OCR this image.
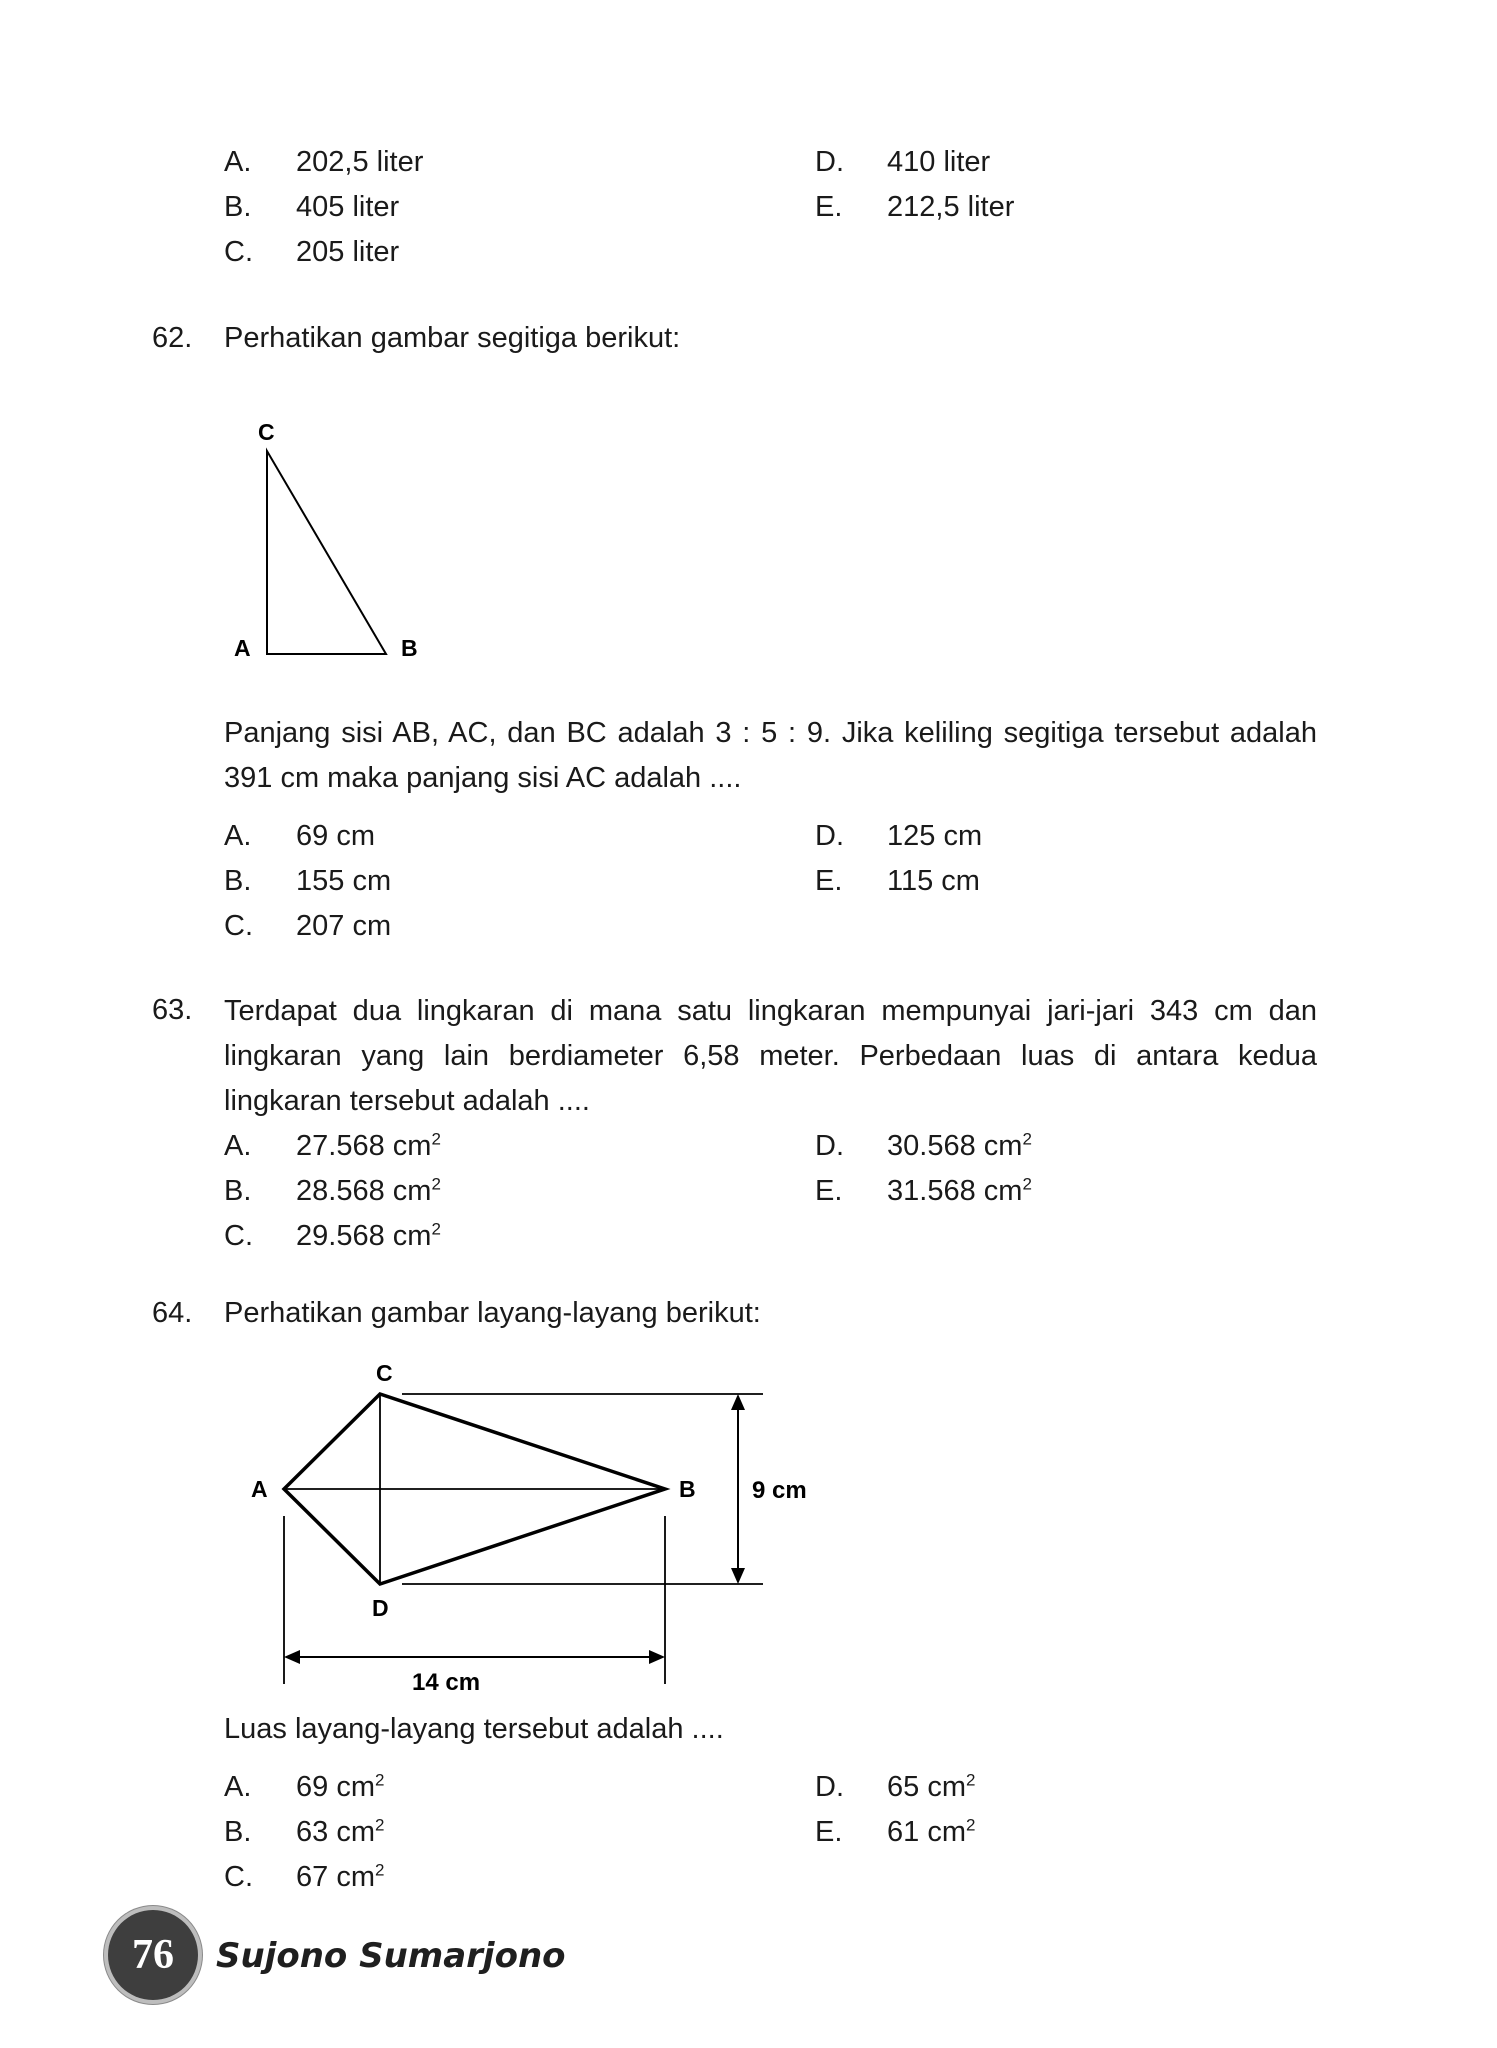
A. 202,5 liter
B. 405 liter
C. 205 liter
D. 410 liter
E. 212,5 liter
62. Perhatikan gambar segitiga berikut:
C
A	B
Panjang sisi AB, AC, dan BC adalah 3 : 5 : 9. Jika keliling segitiga tersebut adalah 391 cm maka panjang sisi AC adalah ....
A. 69 cm
B. 155 cm
C. 207 cm
D. 125 cm
E. 115 cm
63. Terdapat dua lingkaran di mana satu lingkaran mempunyai jari-jari 343 cm dan lingkaran yang lain berdiameter 6,58 meter. Perbedaan luas di antara kedua lingkaran tersebut adalah ....
A. 27.568 $cm^2$
B. 28.568 $cm^2$
C. 29.568 $cm^2$
D. 30.568 $cm^2$
E. 31.568 $cm^2$
64. Perhatikan gambar layang-layang berikut:
C
A	B
D
9 cm
14 cm
Luas layang-layang tersebut adalah ....
A. 69 $cm^2$
B. 63 $cm^2$
C. 67 $cm^2$
D. 65 $cm^2$
E. 61 $cm^2$
76 Sujono Sumarjono
